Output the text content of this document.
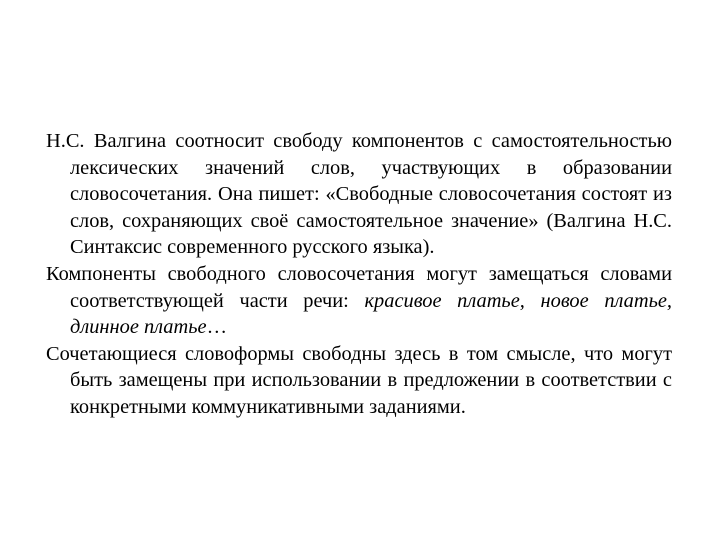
Н.С. Валгина соотносит свободу компонентов с самостоятельностью лексических значений слов, участвующих в образовании словосочетания. Она пишет: «Свободные словосочетания состоят из слов, сохраняющих своё самостоятельное значение» (Валгина Н.С. Синтаксис современного русского языка).

Компоненты свободного словосочетания могут замещаться словами соответствующей части речи: красивое платье, новое платье, длинное платье…

Сочетающиеся словоформы свободны здесь в том смысле, что могут быть замещены при использовании в предложении в соответствии с конкретными коммуникативными заданиями.
